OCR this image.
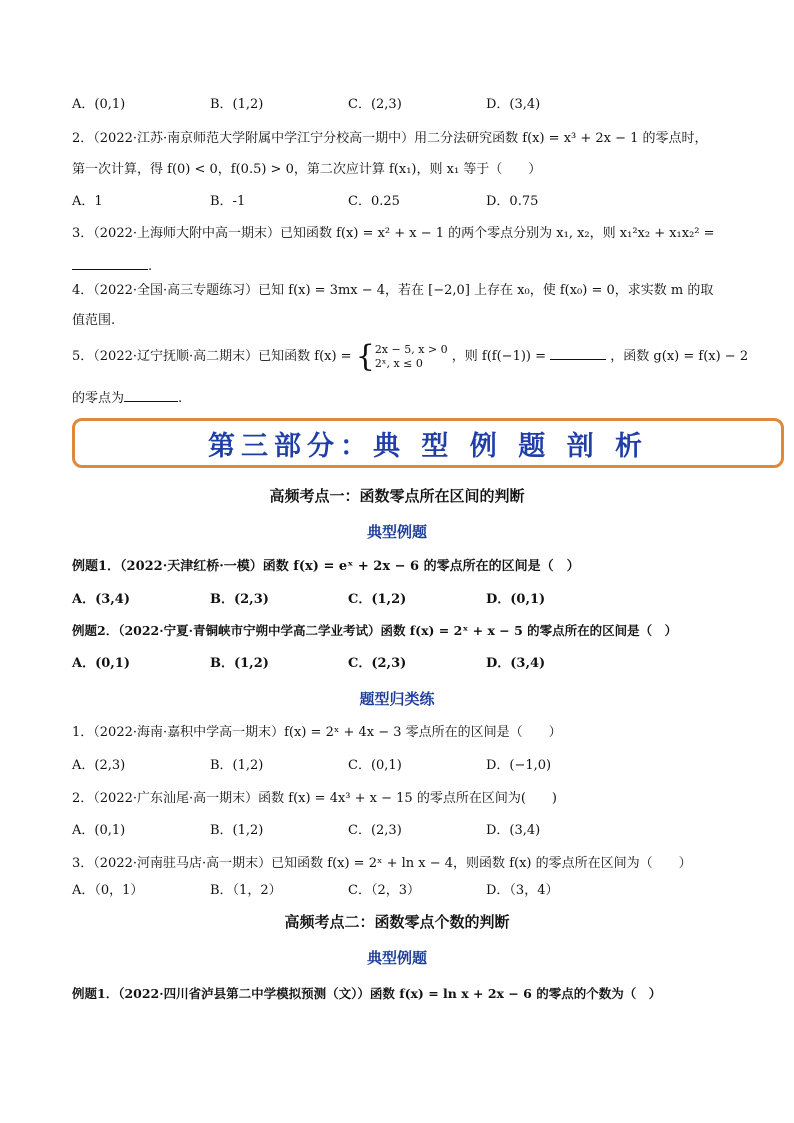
A．(0,1)	B．(1,2)	C．(2,3)	D．(3,4)
2．（2022·江苏·南京师范大学附属中学江宁分校高一期中）用二分法研究函数 f(x) = x³ + 2x − 1 的零点时，
第一次计算，得 f(0) < 0，f(0.5) > 0，第二次应计算 f(x₁)，则 x₁ 等于（　　）
A．1	B．-1	C．0.25	D．0.75
3．（2022·上海师大附中高一期末）已知函数 f(x) = x² + x − 1 的两个零点分别为 x₁, x₂，则 x₁²x₂ + x₁x₂² =
.
4．（2022·全国·高三专题练习）已知 f(x) = 3mx − 4，若在 [−2,0] 上存在 x₀，使 f(x₀) = 0，求实数 m 的取
值范围.
5．（2022·辽宁抚顺·高二期末）已知函数 f(x) = {2x − 5, x > 0
2ˣ, x ≤ 0 ，则 f(f(−1)) =	，函数 g(x) = f(x) − 2
的零点为	.
第三部分：典 型 例 题 剖 析
高频考点一：函数零点所在区间的判断
典型例题
例题1．（2022·天津红桥·一模）函数 f(x) = eˣ + 2x − 6 的零点所在的区间是（　）
A．(3,4)	B．(2,3)	C．(1,2)	D．(0,1)
例题2．（2022·宁夏·青铜峡市宁朔中学高二学业考试）函数 f(x) = 2ˣ + x − 5 的零点所在的区间是（　）
A．(0,1)	B．(1,2)	C．(2,3)	D．(3,4)
题型归类练
1．（2022·海南·嘉积中学高一期末）f(x) = 2ˣ + 4x − 3 零点所在的区间是（　　）
A．(2,3)	B．(1,2)	C．(0,1)	D．(−1,0)
2．（2022·广东汕尾·高一期末）函数 f(x) = 4x³ + x − 15 的零点所在区间为(　　)
A．(0,1)	B．(1,2)	C．(2,3)	D．(3,4)
3．（2022·河南驻马店·高一期末）已知函数 f(x) = 2ˣ + ln x − 4，则函数 f(x) 的零点所在区间为（　　）
A．（0，1）	B．（1，2）	C．（2，3）	D．（3，4）
高频考点二：函数零点个数的判断
典型例题
例题1．（2022·四川省泸县第二中学模拟预测（文））函数 f(x) = ln x + 2x − 6 的零点的个数为（　）
